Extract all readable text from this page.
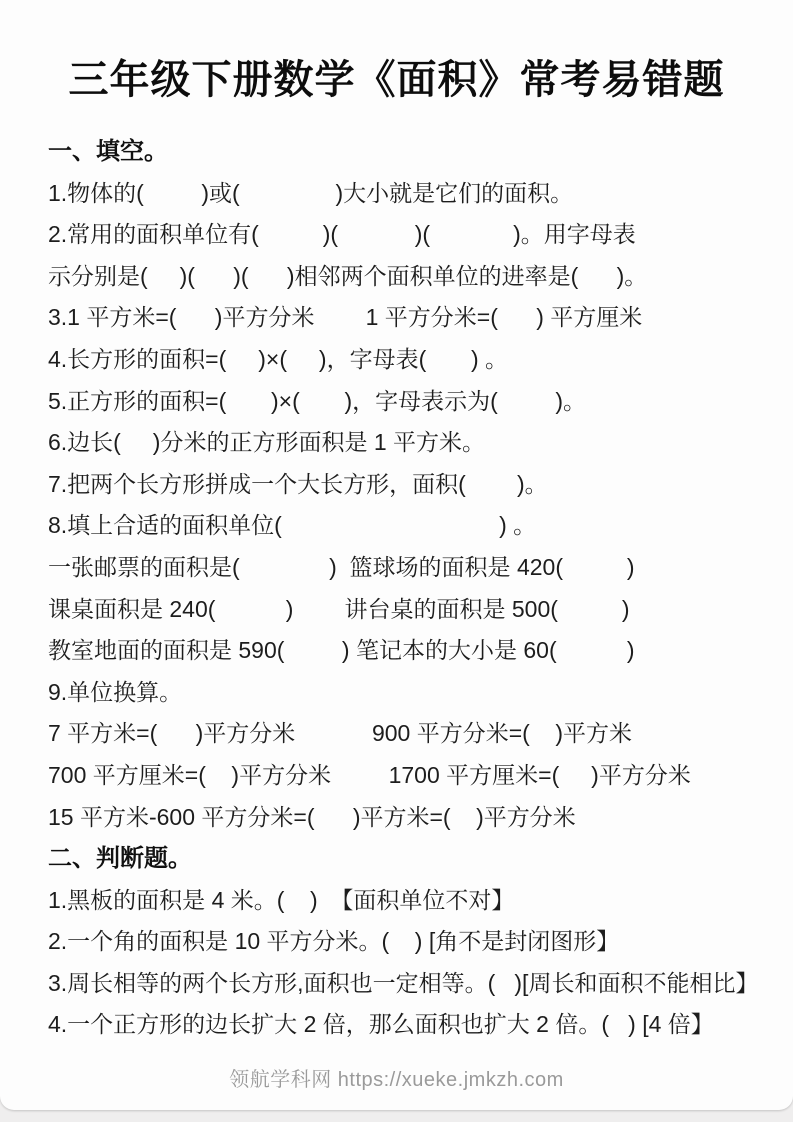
三年级下册数学《面积》常考易错题
一、填空。
1.物体的(         )或(               )大小就是它们的面积。
2.常用的面积单位有(          )(            )(             )。用字母表
示分别是(     )(      )(      )相邻两个面积单位的进率是(      )。
3.1 平方米=(      )平方分米        1 平方分米=(      ) 平方厘米
4.长方形的面积=(     )×(     )，字母表(       ) 。
5.正方形的面积=(       )×(       )，字母表示为(         )。
6.边长(     )分米的正方形面积是 1 平方米。
7.把两个长方形拼成一个大长方形，面积(        )。
8.填上合适的面积单位(                                  ) 。
一张邮票的面积是(              )  篮球场的面积是 420(          )
课桌面积是 240(           )        讲台桌的面积是 500(          )
教室地面的面积是 590(         ) 笔记本的大小是 60(           )
9.单位换算。
7 平方米=(      )平方分米            900 平方分米=(    )平方米
700 平方厘米=(    )平方分米         1700 平方厘米=(     )平方分米
15 平方米-600 平方分米=(      )平方米=(    )平方分米
二、判断题。
1.黑板的面积是 4 米。(    )  【面积单位不对】
2.一个角的面积是 10 平方分米。(    ) [角不是封闭图形】
3.周长相等的两个长方形,面积也一定相等。(   )[周长和面积不能相比】
4.一个正方形的边长扩大 2 倍，那么面积也扩大 2 倍。(   ) [4 倍】
领航学科网 https://xueke.jmkzh.com
